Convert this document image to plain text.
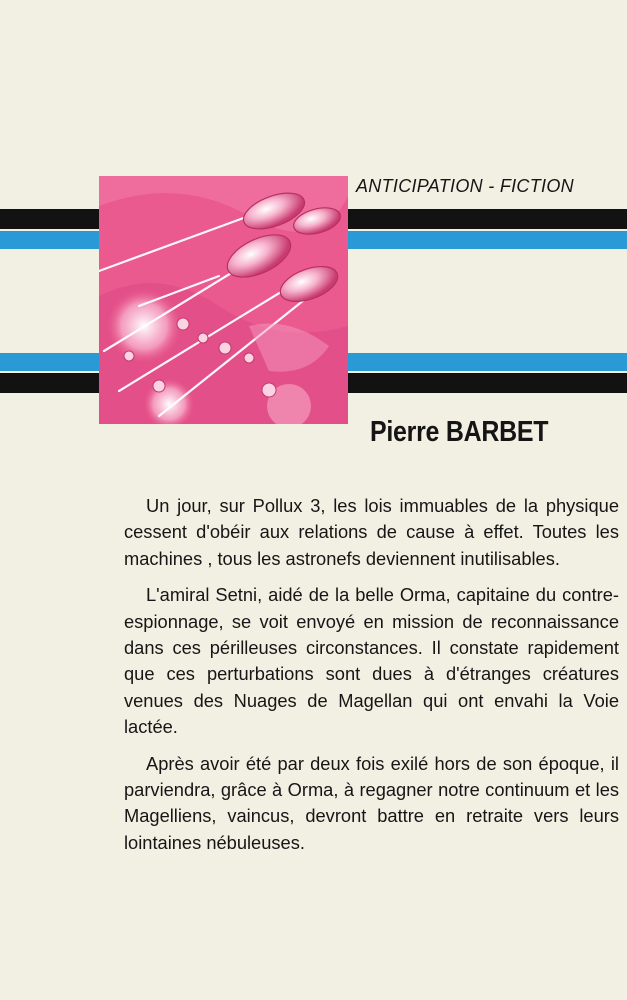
ANTICIPATION - FICTION
Pierre BARBET

Un jour, sur Pollux 3, les lois immuables de la physique cessent d'obéir aux relations de cause à effet. Toutes les machines , tous les astronefs deviennent inutilisables.

L'amiral Setni, aidé de la belle Orma, capitaine du contre-espionnage, se voit envoyé en mission de reconnaissance dans ces périlleuses circonstances. Il constate rapidement que ces perturbations sont dues à d'étranges créatures venues des Nuages de Magellan qui ont envahi la Voie lactée.

Après avoir été par deux fois exilé hors de son époque, il parviendra, grâce à Orma, à regagner notre continuum et les Magelliens, vaincus, devront battre en retraite vers leurs lointaines nébuleuses.
